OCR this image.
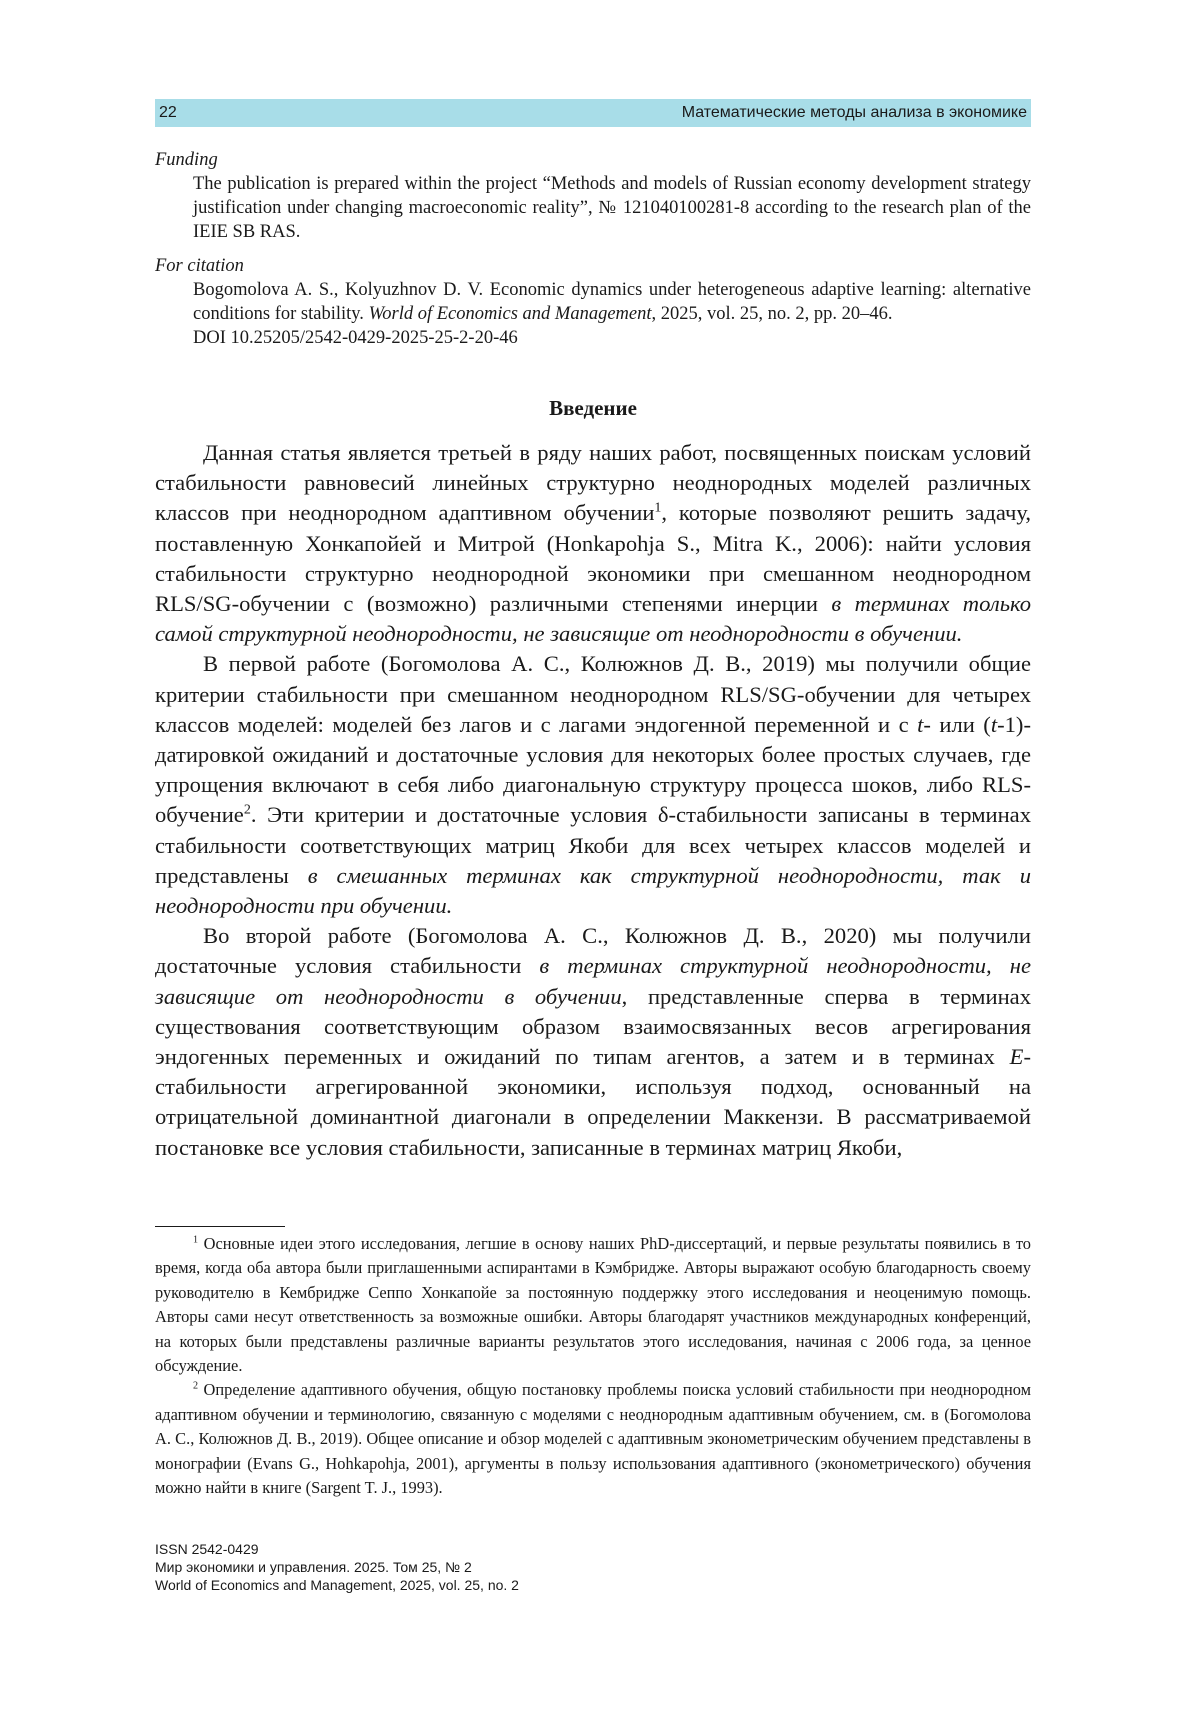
22	Математические методы анализа в экономике
Funding
The publication is prepared within the project “Methods and models of Russian economy development strategy justification under changing macroeconomic reality”, № 121040100281-8 according to the research plan of the IEIE SB RAS.
For citation
Bogomolova A. S., Kolyuzhnov D. V. Economic dynamics under heterogeneous adaptive learning: alternative conditions for stability. World of Economics and Management, 2025, vol. 25, no. 2, pp. 20–46.
DOI 10.25205/2542-0429-2025-25-2-20-46
Введение

Данная статья является третьей в ряду наших работ, посвященных поискам условий стабильности равновесий линейных структурно неоднородных моделей различных классов при неоднородном адаптивном обучении$^1$, которые позволяют решить задачу, поставленную Хонкапойей и Митрой (Honkapohja S., Mitra K., 2006): найти условия стабильности структурно неоднородной экономики при смешанном неоднородном RLS/SG-обучении с (возможно) различными степенями инерции в терминах только самой структурной неоднородности, не зависящие от неоднородности в обучении.

В первой работе (Богомолова А. С., Колюжнов Д. В., 2019) мы получили общие критерии стабильности при смешанном неоднородном RLS/SG-обучении для четырех классов моделей: моделей без лагов и с лагами эндогенной переменной и с t- или (t-1)-датировкой ожиданий и достаточные условия для некоторых более простых случаев, где упрощения включают в себя либо диагональную структуру процесса шоков, либо RLS-обучение$^2$. Эти критерии и достаточные условия δ-стабильности записаны в терминах стабильности соответствующих матриц Якоби для всех четырех классов моделей и представлены в смешанных терминах как структурной неоднородности, так и неоднородности при обучении.

Во второй работе (Богомолова А. С., Колюжнов Д. В., 2020) мы получили достаточные условия стабильности в терминах структурной неоднородности, не зависящие от неоднородности в обучении, представленные сперва в терминах существования соответствующим образом взаимосвязанных весов агрегирования эндогенных переменных и ожиданий по типам агентов, а затем и в терминах E-стабильности агрегированной экономики, используя подход, основанный на отрицательной доминантной диагонали в определении Маккензи. В рассматриваемой постановке все условия стабильности, записанные в терминах матриц Якоби,

$^1$ Основные идеи этого исследования, легшие в основу наших PhD-диссертаций, и первые результаты появились в то время, когда оба автора были приглашенными аспирантами в Кэмбридже. Авторы выражают особую благодарность своему руководителю в Кембридже Сеппо Хонкапойе за постоянную поддержку этого исследования и неоценимую помощь. Авторы сами несут ответственность за возможные ошибки. Авторы благодарят участников международных конференций, на которых были представлены различные варианты результатов этого исследования, начиная с 2006 года, за ценное обсуждение.

$^2$ Определение адаптивного обучения, общую постановку проблемы поиска условий стабильности при неоднородном адаптивном обучении и терминологию, связанную с моделями с неоднородным адаптивным обучением, см. в (Богомолова А. С., Колюжнов Д. В., 2019). Общее описание и обзор моделей с адаптивным эконометрическим обучением представлены в монографии (Evans G., Hohkapohja, 2001), аргументы в пользу использования адаптивного (эконометрического) обучения можно найти в книге (Sargent T. J., 1993).

ISSN 2542-0429
Мир экономики и управления. 2025. Том 25, № 2
World of Economics and Management, 2025, vol. 25, no. 2
